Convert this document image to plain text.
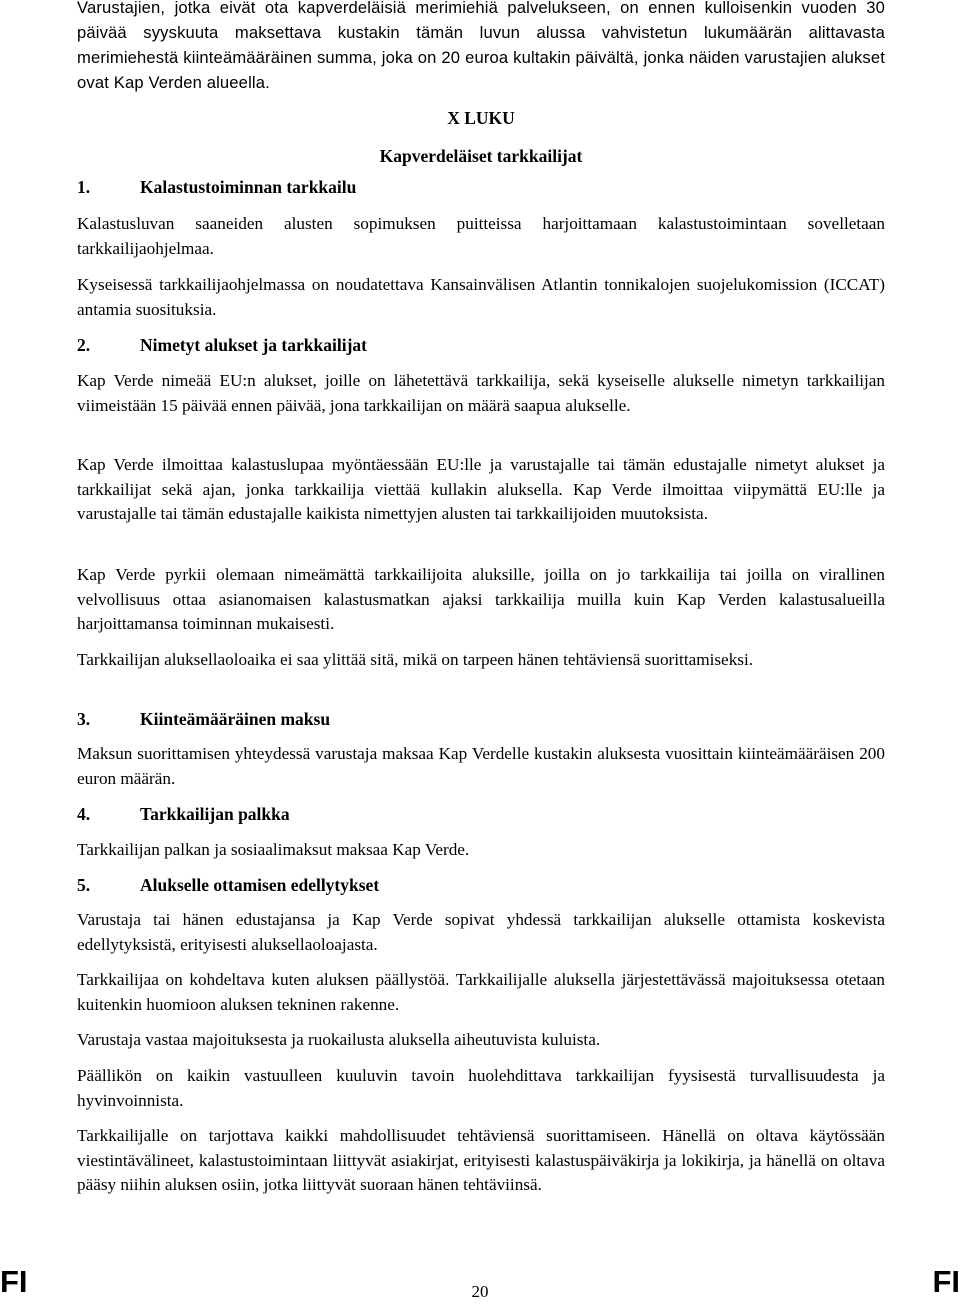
Varustajien, jotka eivät ota kapverdeläisiä merimiehiä palvelukseen, on ennen kulloisenkin vuoden 30 päivää syyskuuta maksettava kustakin tämän luvun alussa vahvistetun lukumäärän alittavasta merimiehestä kiinteämääräinen summa, joka on 20 euroa kultakin päivältä, jonka näiden varustajien alukset ovat Kap Verden alueella.

X LUKU
Kapverdeläiset tarkkailijat
1.	Kalastustoiminnan tarkkailu

Kalastusluvan saaneiden alusten sopimuksen puitteissa harjoittamaan kalastustoimintaan sovelletaan tarkkailijaohjelmaa.

Kyseisessä tarkkailijaohjelmassa on noudatettava Kansainvälisen Atlantin tonnikalojen suojelukomission (ICCAT) antamia suosituksia.

2.	Nimetyt alukset ja tarkkailijat

Kap Verde nimeää EU:n alukset, joille on lähetettävä tarkkailija, sekä kyseiselle alukselle nimetyn tarkkailijan viimeistään 15 päivää ennen päivää, jona tarkkailijan on määrä saapua alukselle.

Kap Verde ilmoittaa kalastuslupaa myöntäessään EU:lle ja varustajalle tai tämän edustajalle nimetyt alukset ja tarkkailijat sekä ajan, jonka tarkkailija viettää kullakin aluksella. Kap Verde ilmoittaa viipymättä EU:lle ja varustajalle tai tämän edustajalle kaikista nimettyjen alusten tai tarkkailijoiden muutoksista.

Kap Verde pyrkii olemaan nimeämättä tarkkailijoita aluksille, joilla on jo tarkkailija tai joilla on virallinen velvollisuus ottaa asianomaisen kalastusmatkan ajaksi tarkkailija muilla kuin Kap Verden kalastusalueilla harjoittamansa toiminnan mukaisesti.

Tarkkailijan aluksellaoloaika ei saa ylittää sitä, mikä on tarpeen hänen tehtäviensä suorittamiseksi.

3.	Kiinteämääräinen maksu

Maksun suorittamisen yhteydessä varustaja maksaa Kap Verdelle kustakin aluksesta vuosittain kiinteämääräisen 200 euron määrän.

4.	Tarkkailijan palkka

Tarkkailijan palkan ja sosiaalimaksut maksaa Kap Verde.

5.	Alukselle ottamisen edellytykset

Varustaja tai hänen edustajansa ja Kap Verde sopivat yhdessä tarkkailijan alukselle ottamista koskevista edellytyksistä, erityisesti aluksellaoloajasta.

Tarkkailijaa on kohdeltava kuten aluksen päällystöä. Tarkkailijalle aluksella järjestettävässä majoituksessa otetaan kuitenkin huomioon aluksen tekninen rakenne.

Varustaja vastaa majoituksesta ja ruokailusta aluksella aiheutuvista kuluista.

Päällikön on kaikin vastuulleen kuuluvin tavoin huolehdittava tarkkailijan fyysisestä turvallisuudesta ja hyvinvoinnista.

Tarkkailijalle on tarjottava kaikki mahdollisuudet tehtäviensä suorittamiseen. Hänellä on oltava käytössään viestintävälineet, kalastustoimintaan liittyvät asiakirjat, erityisesti kalastuspäiväkirja ja lokikirja, ja hänellä on oltava pääsy niihin aluksen osiin, jotka liittyvät suoraan hänen tehtäviinsä.

FI	20	FI
